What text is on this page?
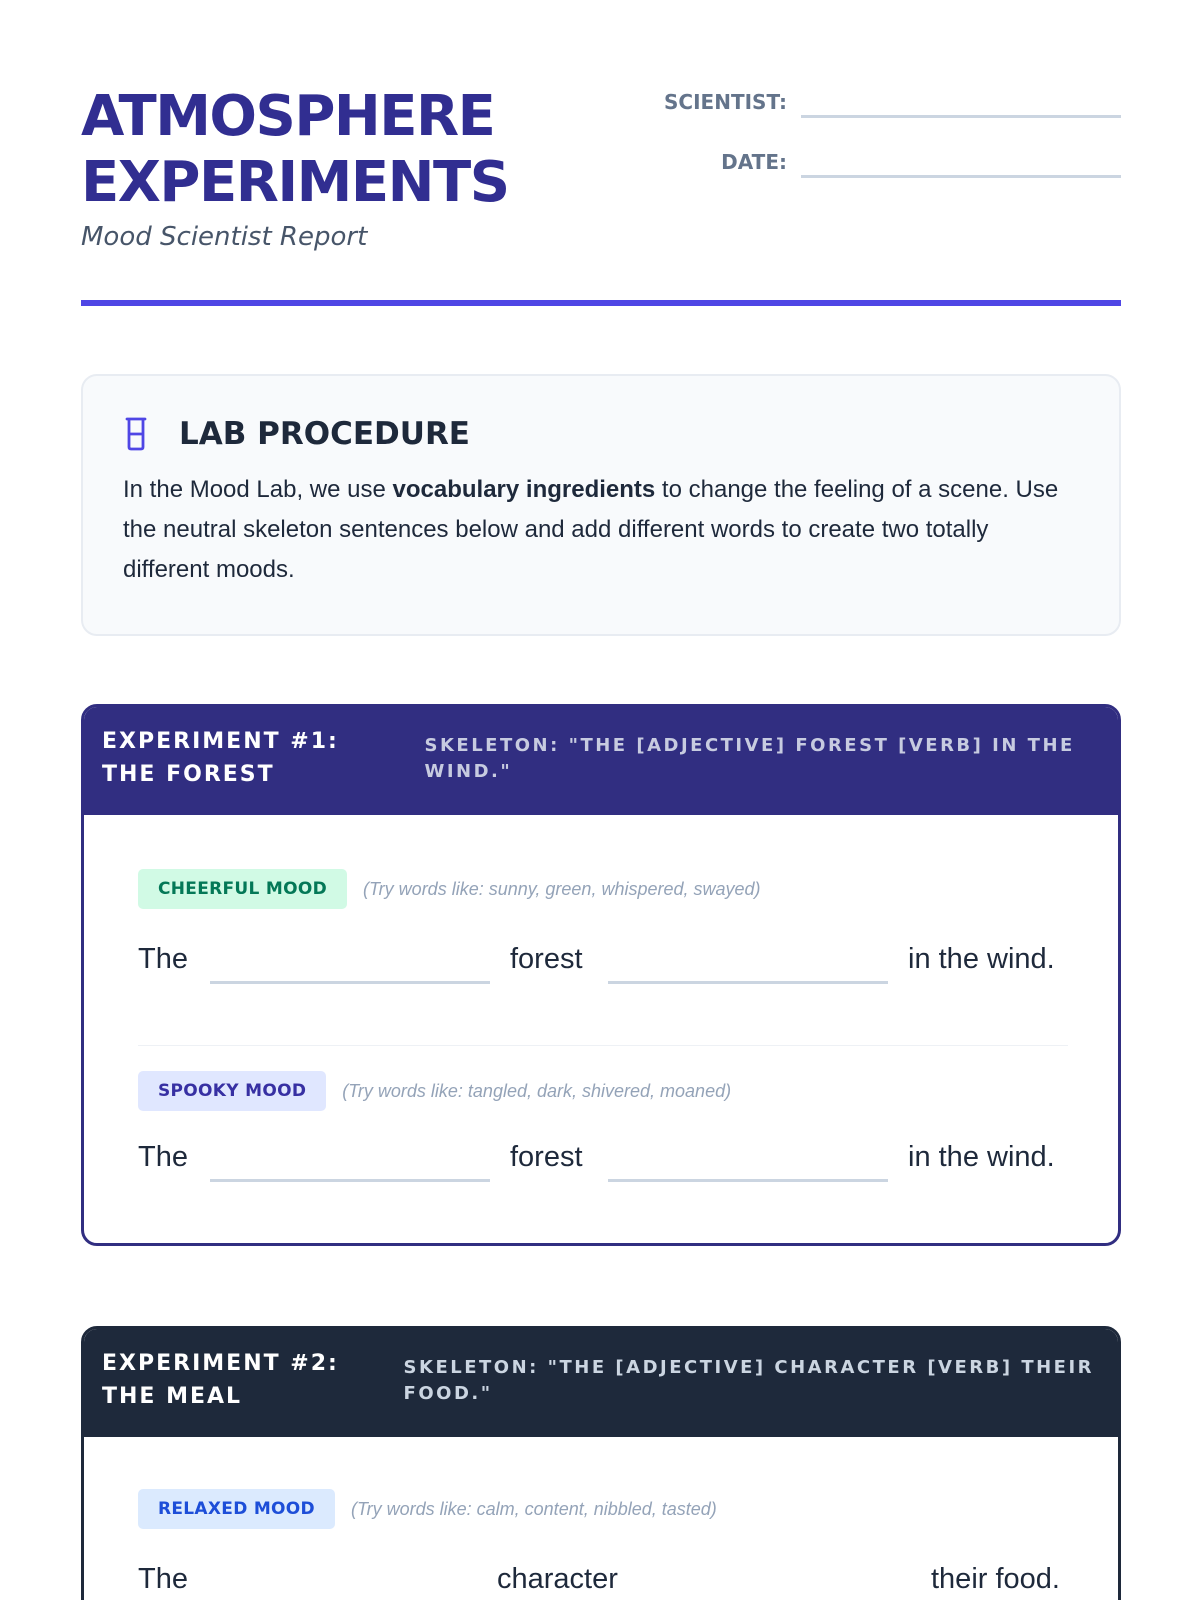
ATMOSPHERE
EXPERIMENTS
Mood Scientist Report
SCIENTIST:
DATE:
LAB PROCEDURE

In the Mood Lab, we use vocabulary ingredients to change the feeling of a scene. Use the neutral skeleton sentences below and add different words to create two totally different moods.

EXPERIMENT #1: THE FOREST
SKELETON: "THE [ADJECTIVE] FOREST [VERB] IN THE WIND."
CHEERFUL MOOD	(Try words like: sunny, green, whispered, swayed)
The	forest	in the wind.
SPOOKY MOOD	(Try words like: tangled, dark, shivered, moaned)
The	forest	in the wind.
EXPERIMENT #2: THE MEAL
SKELETON: "THE [ADJECTIVE] CHARACTER [VERB] THEIR FOOD."
RELAXED MOOD	(Try words like: calm, content, nibbled, tasted)
The	character	their food.
